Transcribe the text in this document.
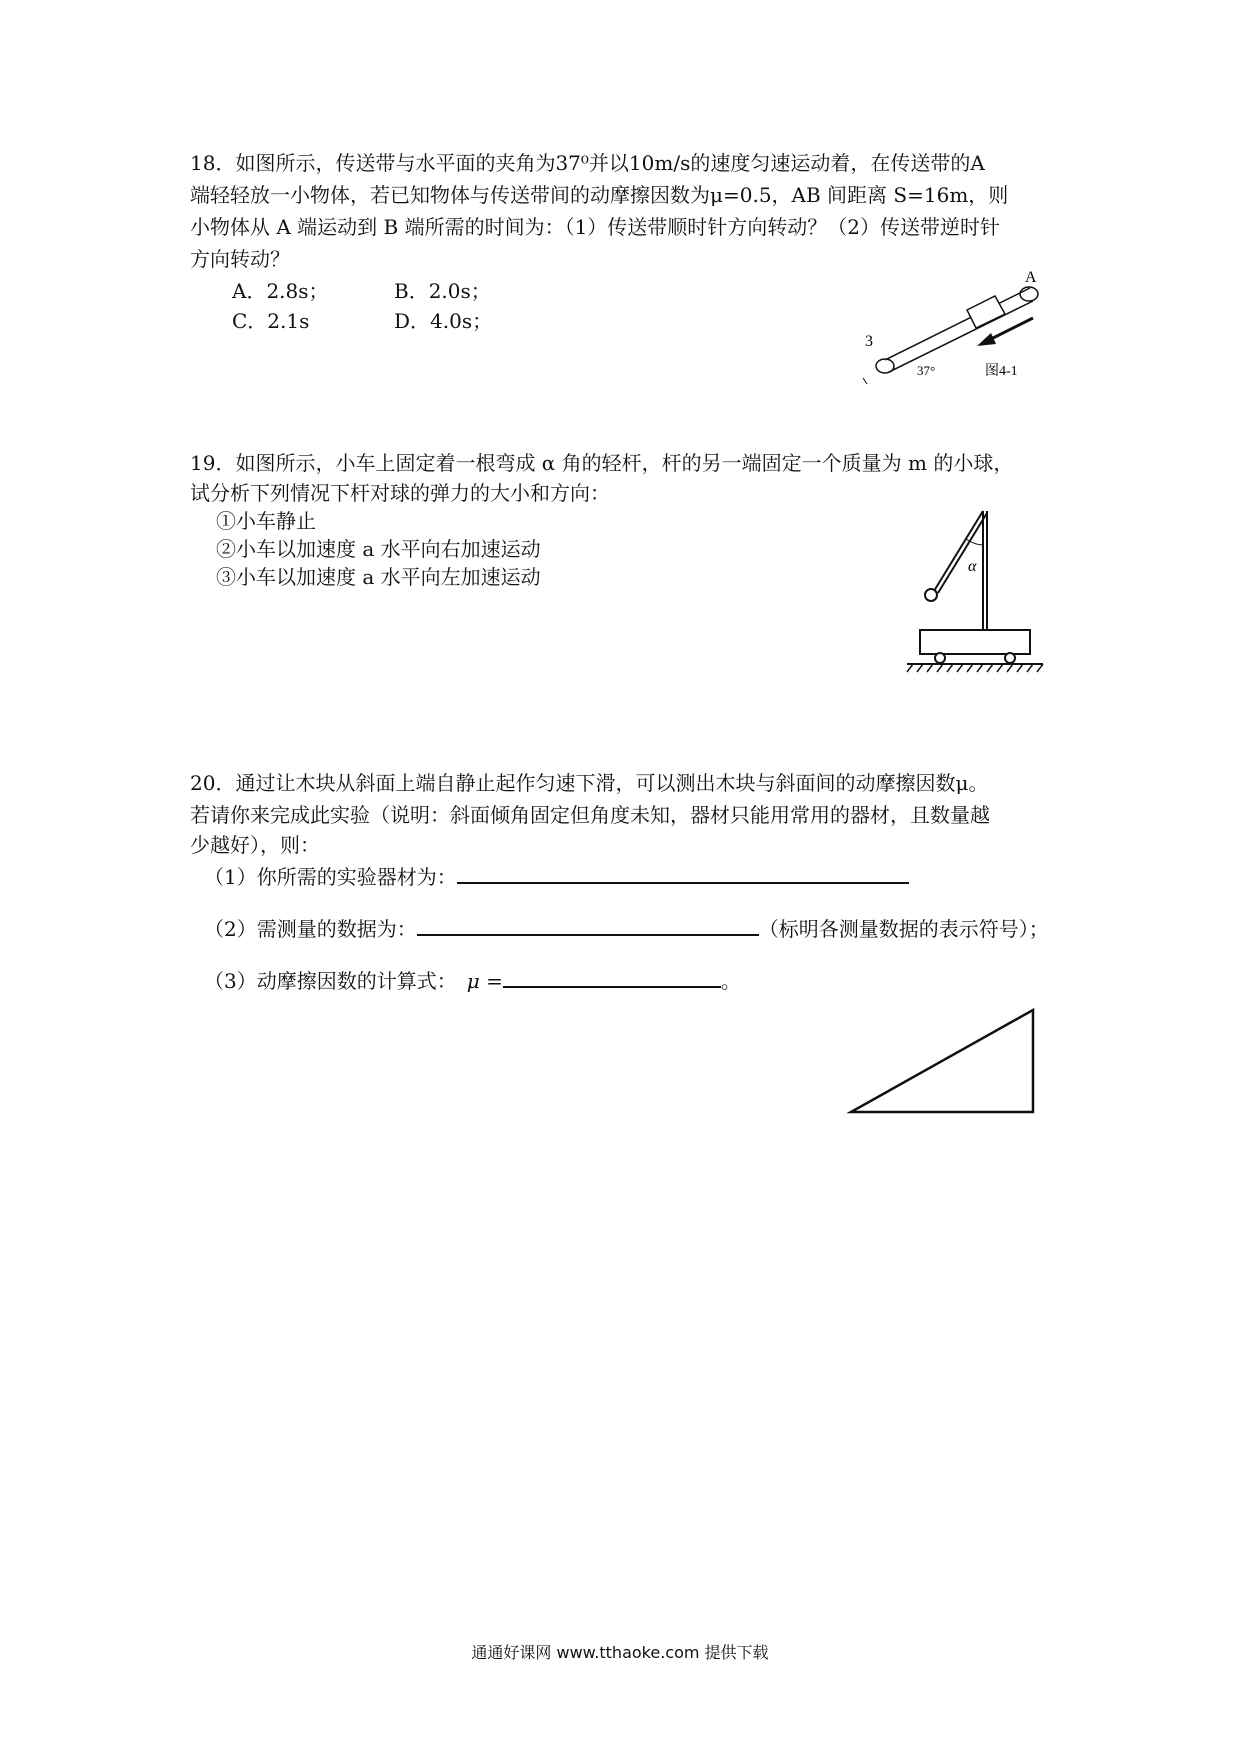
18．如图所示，传送带与水平面的夹角为37⁰并以10m/s的速度匀速运动着，在传送带的A
端轻轻放一小物体，若已知物体与传送带间的动摩擦因数为μ=0.5，AB 间距离 S=16m，则
小物体从 A 端运动到 B 端所需的时间为：（1）传送带顺时针方向转动？（2）传送带逆时针
方向转动？
A．2.8s；	B．2.0s；
C．2.1s	D．4.0s；
A
3
37°	图4-1
19．如图所示，小车上固定着一根弯成 α 角的轻杆，杆的另一端固定一个质量为 m 的小球，
试分析下列情况下杆对球的弹力的大小和方向：
①小车静止
②小车以加速度 a 水平向右加速运动
③小车以加速度 a 水平向左加速运动	α
20．通过让木块从斜面上端自静止起作匀速下滑，可以测出木块与斜面间的动摩擦因数μ。
若请你来完成此实验（说明：斜面倾角固定但角度未知，器材只能用常用的器材，且数量越
少越好），则：
（1）你所需的实验器材为：
（2）需测量的数据为：	（标明各测量数据的表示符号）；
（3）动摩擦因数的计算式： μ =	。
通通好课网 www.tthaoke.com 提供下载
